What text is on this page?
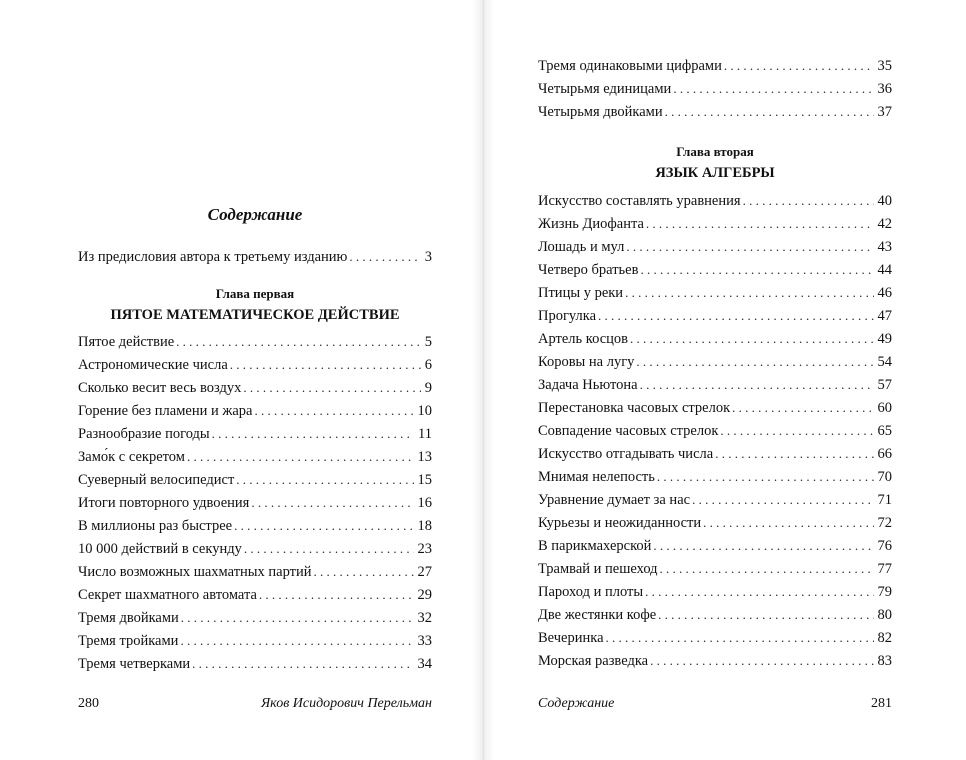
Содержание
Из предисловия автора к третьему изданию . . .	3
Глава первая
ПЯТОЕ МАТЕМАТИЧЕСКОЕ ДЕЙСТВИЕ
Пятое действие . . .	5
Астрономические числа . . .	6
Сколько весит весь воздух . . .	9
Горение без пламени и жара . . .	10
Разнообразие погоды . . .	11
Замо́к с секретом . . .	13
Суеверный велосипедист . . .	15
Итоги повторного удвоения . . .	16
В миллионы раз быстрее . . .	18
10 000 действий в секунду . . .	23
Число возможных шахматных партий . . .	27
Секрет шахматного автомата . . .	29
Тремя двойками . . .	32
Тремя тройками . . .	33
Тремя четверками . . .	34
280	Яков Исидорович Перельман
Тремя одинаковыми цифрами . . .	35
Четырьмя единицами . . .	36
Четырьмя двойками . . .	37
Глава вторая
ЯЗЫК АЛГЕБРЫ
Искусство составлять уравнения . . .	40
Жизнь Диофанта . . .	42
Лошадь и мул . . .	43
Четверо братьев . . .	44
Птицы у реки . . .	46
Прогулка . . .	47
Артель косцов . . .	49
Коровы на лугу . . .	54
Задача Ньютона . . .	57
Перестановка часовых стрелок . . .	60
Совпадение часовых стрелок . . .	65
Искусство отгадывать числа . . .	66
Мнимая нелепость . . .	70
Уравнение думает за нас . . .	71
Курьезы и неожиданности . . .	72
В парикмахерской . . .	76
Трамвай и пешеход . . .	77
Пароход и плоты . . .	79
Две жестянки кофе . . .	80
Вечеринка . . .	82
Морская разведка . . .	83
Содержание	281
